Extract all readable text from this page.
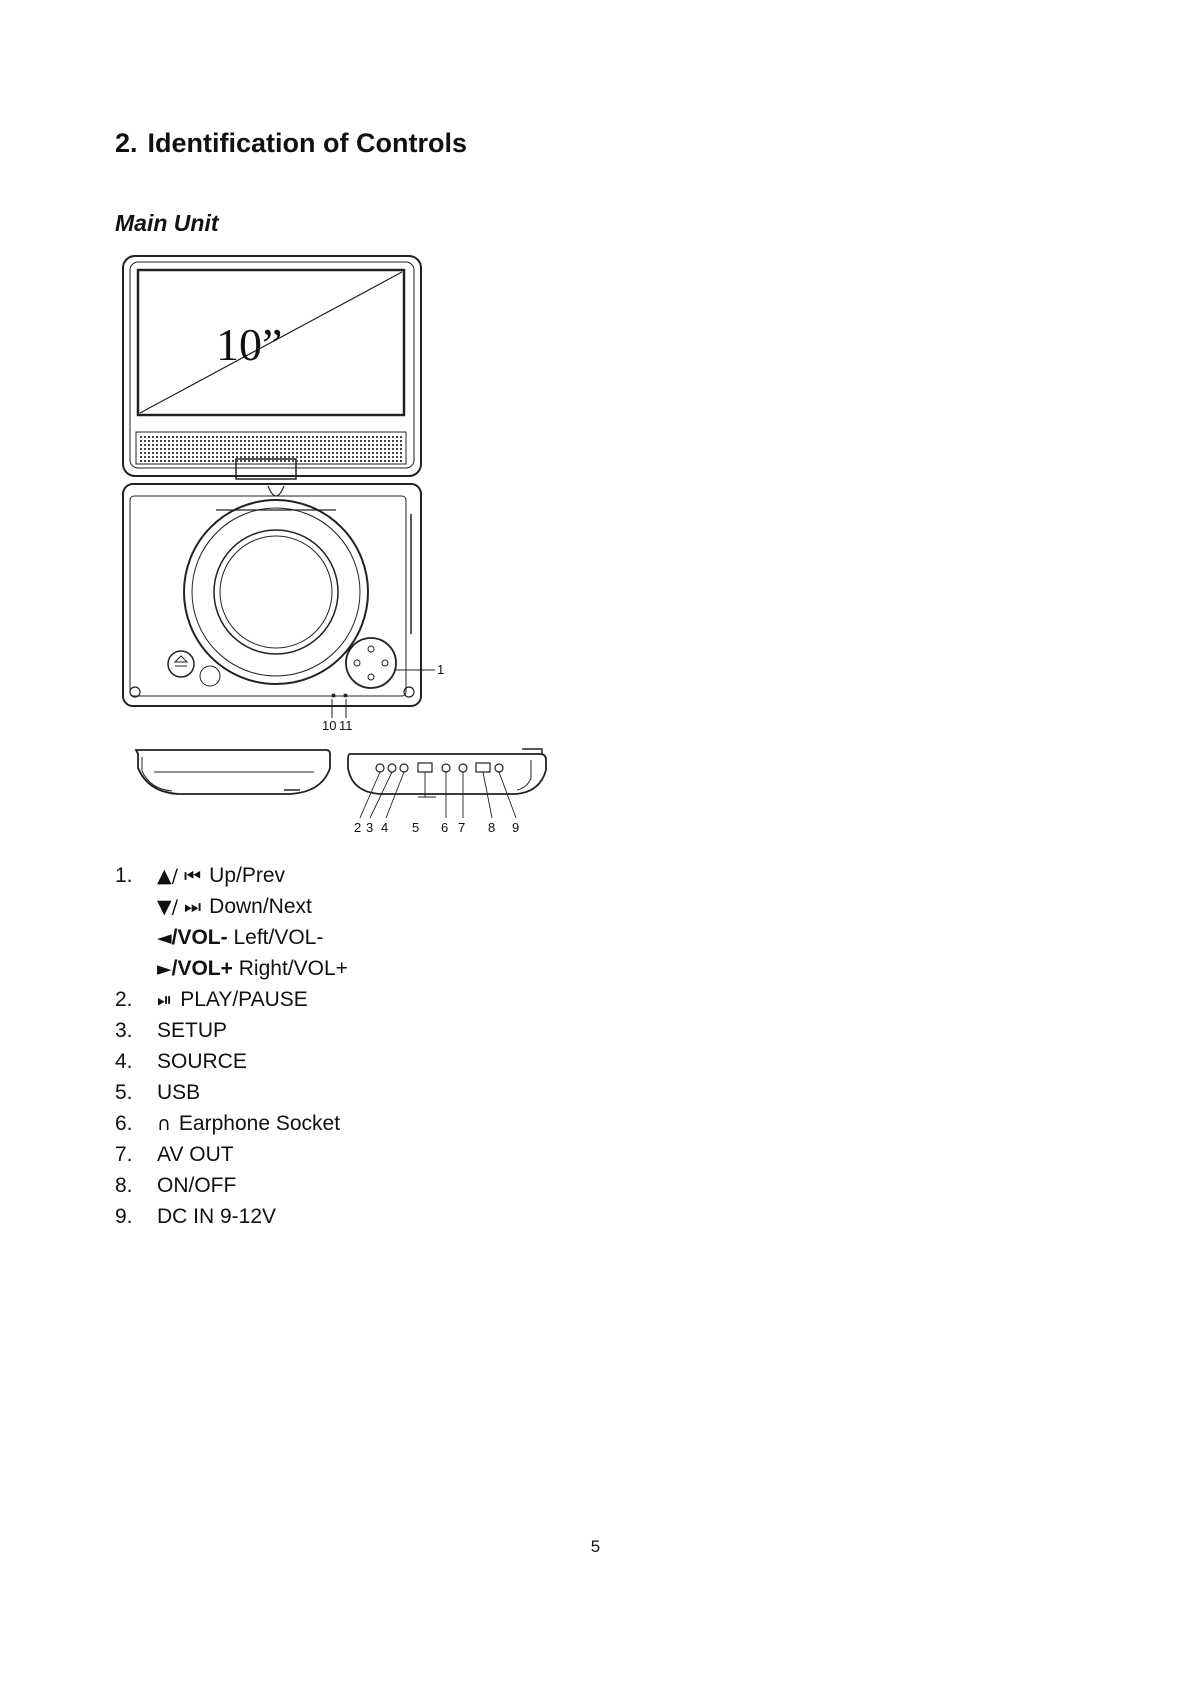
2. Identification of Controls
Main Unit
10”
1
10 11
2 3 4 5 6 7 8 9
1.	▲/ ⏮ Up/Prev
▼/ ⏭ Down/Next
◄/VOL- Left/VOL-
►/VOL+ Right/VOL+
2.	⏯ PLAY/PAUSE
3.	SETUP
4.	SOURCE
5.	USB
6.	∩ Earphone Socket
7.	AV OUT
8.	ON/OFF
9.	DC IN 9-12V
5
